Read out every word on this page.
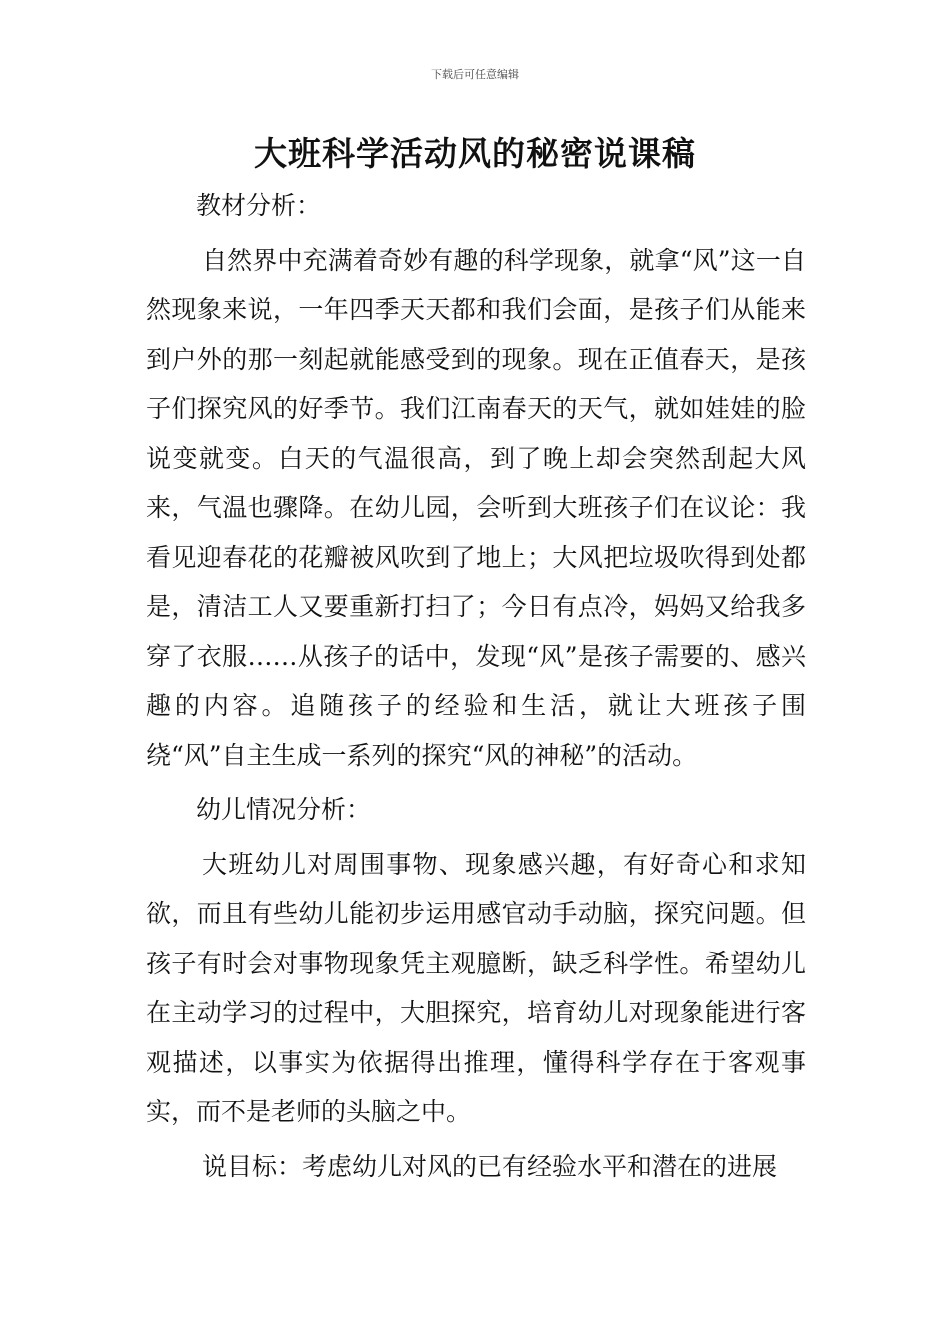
下载后可任意编辑
大班科学活动风的秘密说课稿

教材分析：

自然界中充满着奇妙有趣的科学现象，就拿“风”这一自然现象来说，一年四季天天都和我们会面，是孩子们从能来到户外的那一刻起就能感受到的现象。现在正值春天，是孩子们探究风的好季节。我们江南春天的天气，就如娃娃的脸说变就变。白天的气温很高，到了晚上却会突然刮起大风来，气温也骤降。在幼儿园，会听到大班孩子们在议论：我看见迎春花的花瓣被风吹到了地上；大风把垃圾吹得到处都是，清洁工人又要重新打扫了；今日有点冷，妈妈又给我多穿了衣服……从孩子的话中，发现“风”是孩子需要的、感兴趣的内容。追随孩子的经验和生活，就让大班孩子围绕“风”自主生成一系列的探究“风的神秘”的活动。

幼儿情况分析：

大班幼儿对周围事物、现象感兴趣，有好奇心和求知欲，而且有些幼儿能初步运用感官动手动脑，探究问题。但孩子有时会对事物现象凭主观臆断，缺乏科学性。希望幼儿在主动学习的过程中，大胆探究，培育幼儿对现象能进行客观描述，以事实为依据得出推理，懂得科学存在于客观事实，而不是老师的头脑之中。

说目标：考虑幼儿对风的已有经验水平和潜在的进展
